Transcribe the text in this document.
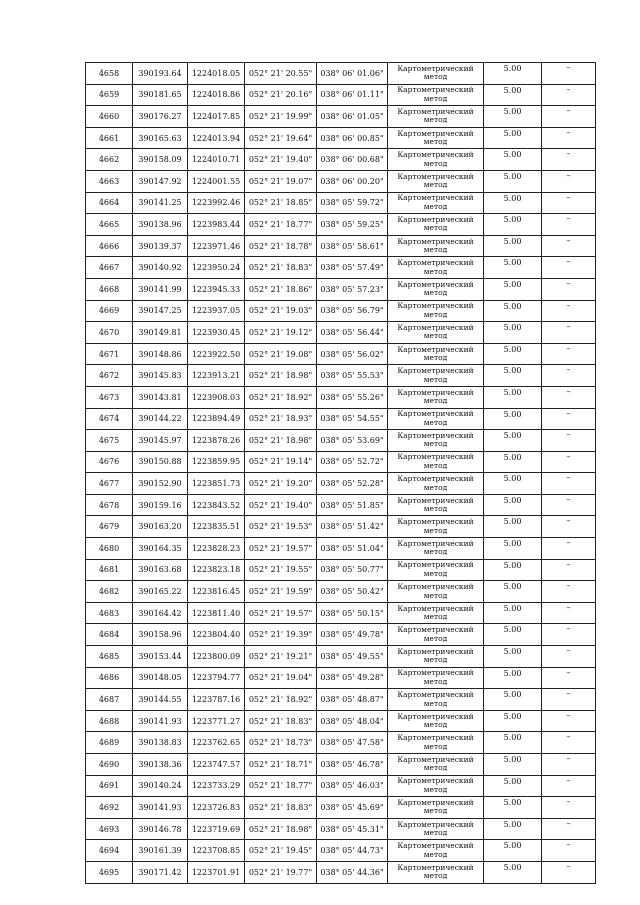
4658	390193.64	1224018.05	052° 21' 20.55"	038° 06' 01.06"	Картометрический метод	5.00	–
4659	390181.65	1224018.86	052° 21' 20.16"	038° 06' 01.11"	Картометрический метод	5.00	–
4660	390176.27	1224017.85	052° 21' 19.99"	038° 06' 01.05"	Картометрический метод	5.00	–
4661	390165.63	1224013.94	052° 21' 19.64"	038° 06' 00.85"	Картометрический метод	5.00	–
4662	390158.09	1224010.71	052° 21' 19.40"	038° 06' 00.68"	Картометрический метод	5.00	–
4663	390147.92	1224001.55	052° 21' 19.07"	038° 06' 00.20"	Картометрический метод	5.00	–
4664	390141.25	1223992.46	052° 21' 18.85"	038° 05' 59.72"	Картометрический метод	5.00	–
4665	390138.96	1223983.44	052° 21' 18.77"	038° 05' 59.25"	Картометрический метод	5.00	–
4666	390139.37	1223971.46	052° 21' 18.78"	038° 05' 58.61"	Картометрический метод	5.00	–
4667	390140.92	1223950.24	052° 21' 18.83"	038° 05' 57.49"	Картометрический метод	5.00	–
4668	390141.99	1223945.33	052° 21' 18.86"	038° 05' 57.23"	Картометрический метод	5.00	–
4669	390147.25	1223937.05	052° 21' 19.03"	038° 05' 56.79"	Картометрический метод	5.00	–
4670	390149.81	1223930.45	052° 21' 19.12"	038° 05' 56.44"	Картометрический метод	5.00	–
4671	390148.86	1223922.50	052° 21' 19.08"	038° 05' 56.02"	Картометрический метод	5.00	–
4672	390145.83	1223913.21	052° 21' 18.98"	038° 05' 55.53"	Картометрический метод	5.00	–
4673	390143.81	1223908.03	052° 21' 18.92"	038° 05' 55.26"	Картометрический метод	5.00	–
4674	390144.22	1223894.49	052° 21' 18.93"	038° 05' 54.55"	Картометрический метод	5.00	–
4675	390145.97	1223878.26	052° 21' 18.98"	038° 05' 53.69"	Картометрический метод	5.00	–
4676	390150.88	1223859.95	052° 21' 19.14"	038° 05' 52.72"	Картометрический метод	5.00	–
4677	390152.90	1223851.73	052° 21' 19.20"	038° 05' 52.28"	Картометрический метод	5.00	–
4678	390159.16	1223843.52	052° 21' 19.40"	038° 05' 51.85"	Картометрический метод	5.00	–
4679	390163.20	1223835.51	052° 21' 19.53"	038° 05' 51.42"	Картометрический метод	5.00	–
4680	390164.35	1223828.23	052° 21' 19.57"	038° 05' 51.04"	Картометрический метод	5.00	–
4681	390163.68	1223823.18	052° 21' 19.55"	038° 05' 50.77"	Картометрический метод	5.00	–
4682	390165.22	1223816.45	052° 21' 19.59"	038° 05' 50.42"	Картометрический метод	5.00	–
4683	390164.42	1223811.40	052° 21' 19.57"	038° 05' 50.15"	Картометрический метод	5.00	–
4684	390158.96	1223804.40	052° 21' 19.39"	038° 05' 49.78"	Картометрический метод	5.00	–
4685	390153.44	1223800.09	052° 21' 19.21"	038° 05' 49.55"	Картометрический метод	5.00	–
4686	390148.05	1223794.77	052° 21' 19.04"	038° 05' 49.28"	Картометрический метод	5.00	–
4687	390144.55	1223787.16	052° 21' 18.92"	038° 05' 48.87"	Картометрический метод	5.00	–
4688	390141.93	1223771.27	052° 21' 18.83"	038° 05' 48.04"	Картометрический метод	5.00	–
4689	390138.83	1223762.65	052° 21' 18.73"	038° 05' 47.58"	Картометрический метод	5.00	–
4690	390138.36	1223747.57	052° 21' 18.71"	038° 05' 46.78"	Картометрический метод	5.00	–
4691	390140.24	1223733.29	052° 21' 18.77"	038° 05' 46.03"	Картометрический метод	5.00	–
4692	390141.93	1223726.83	052° 21' 18.83"	038° 05' 45.69"	Картометрический метод	5.00	–
4693	390146.78	1223719.69	052° 21' 18.98"	038° 05' 45.31"	Картометрический метод	5.00	–
4694	390161.39	1223708.85	052° 21' 19.45"	038° 05' 44.73"	Картометрический метод	5.00	–
4695	390171.42	1223701.91	052° 21' 19.77"	038° 05' 44.36"	Картометрический метод	5.00	–
